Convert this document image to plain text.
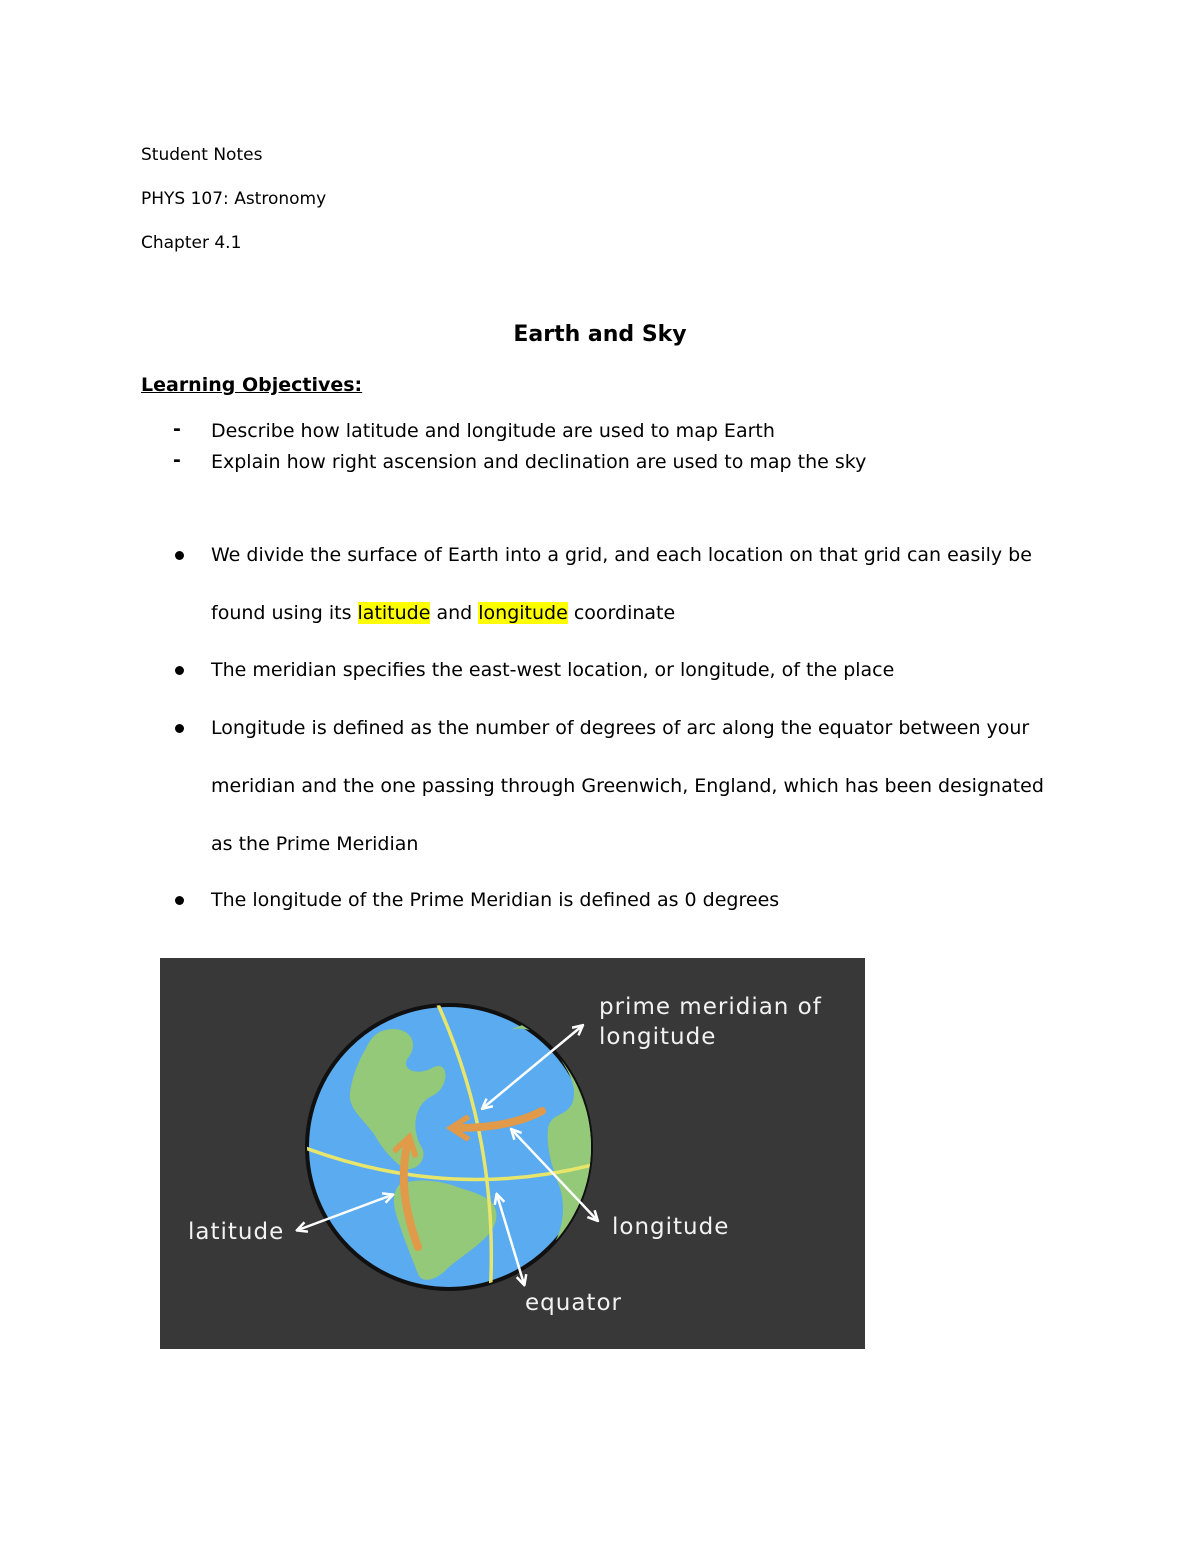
Student Notes
PHYS 107: Astronomy
Chapter 4.1
Earth and Sky
Learning Objectives:
- Describe how latitude and longitude are used to map Earth
- Explain how right ascension and declination are used to map the sky
We divide the surface of Earth into a grid, and each location on that grid can easily be
found using its latitude and longitude coordinate
The meridian specifies the east-west location, or longitude, of the place
Longitude is defined as the number of degrees of arc along the equator between your
meridian and the one passing through Greenwich, England, which has been designated
as the Prime Meridian
The longitude of the Prime Meridian is defined as 0 degrees
prime meridian of
longitude
latitude	longitude
equator
